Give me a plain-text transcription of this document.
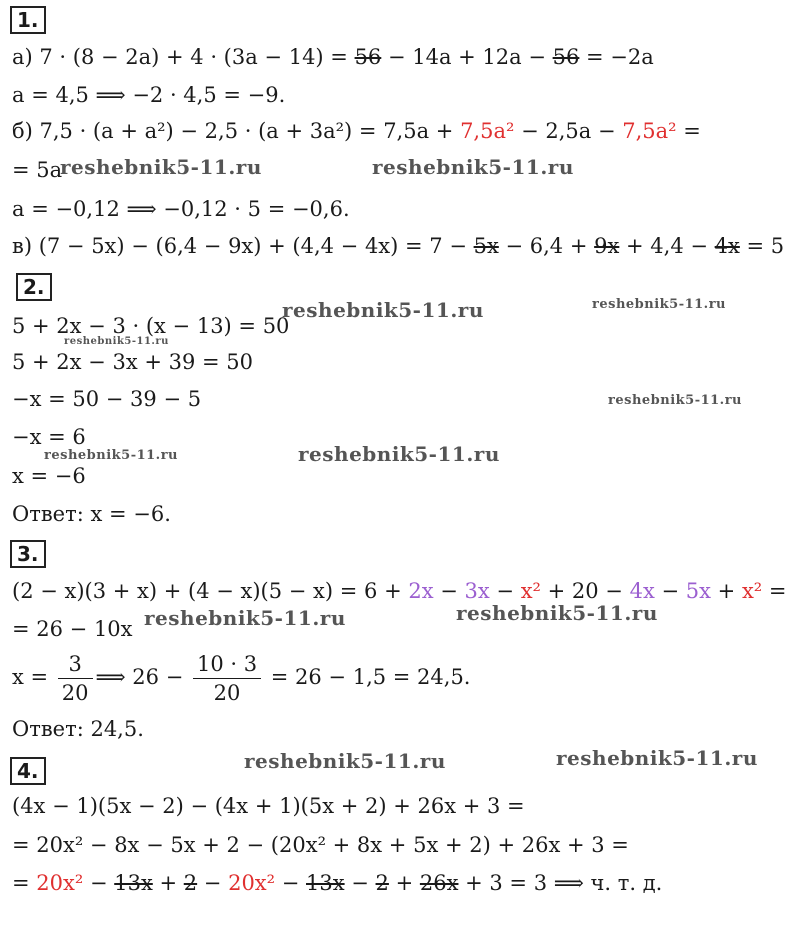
1.
а) 7 · (8 − 2a) + 4 · (3a − 14) = 56 − 14a + 12a − 56 = −2a
a = 4,5 ⟹ −2 · 4,5 = −9.
б) 7,5 · (a + a²) − 2,5 · (a + 3a²) = 7,5a + 7,5a² − 2,5a − 7,5a² =
= 5a
a = −0,12 ⟹ −0,12 · 5 = −0,6.
в) (7 − 5x) − (6,4 − 9x) + (4,4 − 4x) = 7 − 5x − 6,4 + 9x + 4,4 − 4x = 5
2.
5 + 2x − 3 · (x − 13) = 50
5 + 2x − 3x + 39 = 50
−x = 50 − 39 − 5
−x = 6
x = −6
Ответ: x = −6.
3.
(2 − x)(3 + x) + (4 − x)(5 − x) = 6 + 2x − 3x − x² + 20 − 4x − 5x + x² =
= 26 − 10x
$x = \frac{3}{20}$ ⟹ $26 - \frac{10 \cdot 3}{20} = 26 - 1,5 = 24,5$.
Ответ: 24,5.
4.
(4x − 1)(5x − 2) − (4x + 1)(5x + 2) + 26x + 3 =
= 20x² − 8x − 5x + 2 − (20x² + 8x + 5x + 2) + 26x + 3 =
= 20x² − 13x + 2 − 20x² − 13x − 2 + 26x + 3 = 3 ⟹ ч. т. д.
reshebnik5-11.ru	reshebnik5-11.ru
reshebnik5-11.ru	reshebnik5-11.ru
reshebnik5-11.ru
reshebnik5-11.ru
reshebnik5-11.ru
reshebnik5-11.ru
reshebnik5-11.ru	reshebnik5-11.ru
reshebnik5-11.ru	reshebnik5-11.ru
